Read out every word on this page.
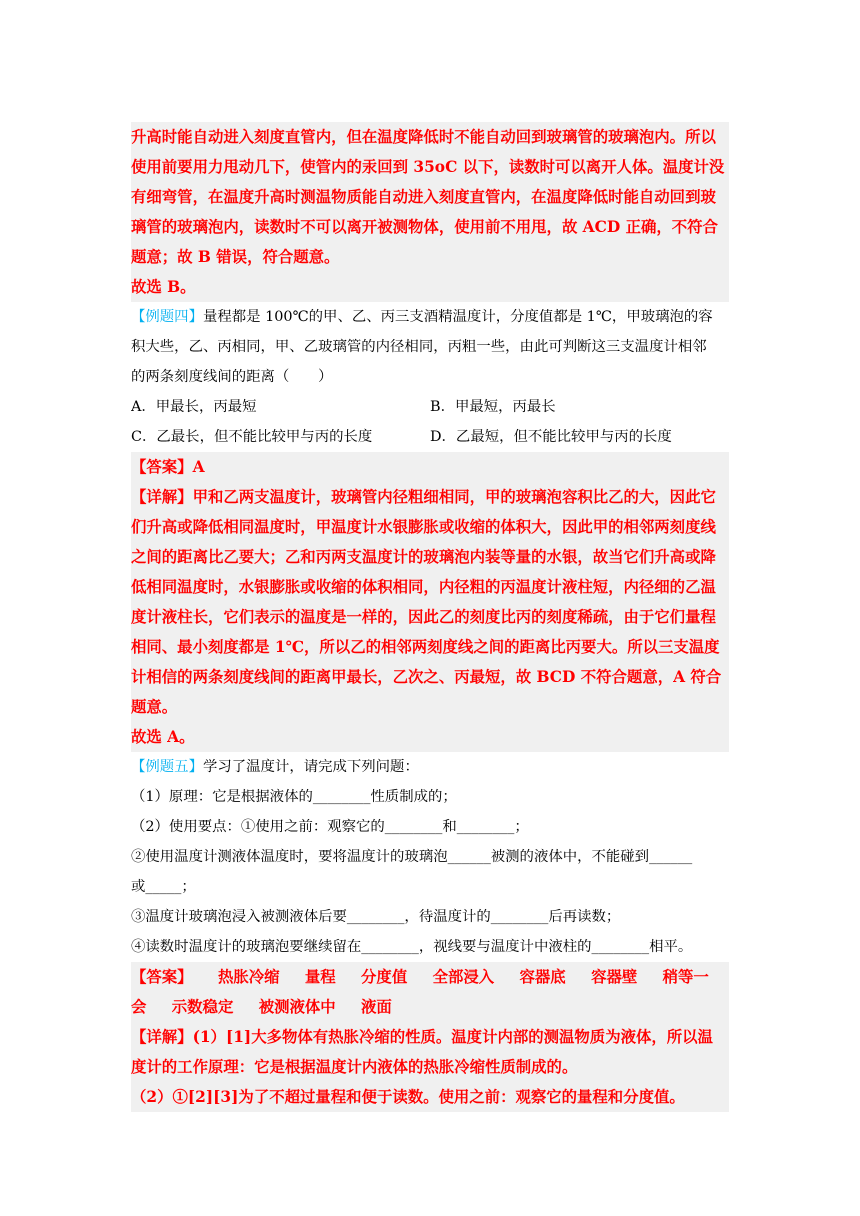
升高时能自动进入刻度直管内，但在温度降低时不能自动回到玻璃管的玻璃泡内。所以
使用前要用力甩动几下，使管内的汞回到 35oC 以下，读数时可以离开人体。温度计没
有细弯管，在温度升高时测温物质能自动进入刻度直管内，在温度降低时能自动回到玻
璃管的玻璃泡内，读数时不可以离开被测物体，使用前不用甩，故 ACD 正确，不符合
题意；故 B 错误，符合题意。
故选 B。
【例题四】量程都是 100℃的甲、乙、丙三支酒精温度计，分度值都是 1℃，甲玻璃泡的容
积大些，乙、丙相同，甲、乙玻璃管的内径相同，丙粗一些，由此可判断这三支温度计相邻
的两条刻度线间的距离（　　）
A．甲最长，丙最短	B．甲最短，丙最长
C．乙最长，但不能比较甲与丙的长度	D．乙最短，但不能比较甲与丙的长度
【答案】A
【详解】甲和乙两支温度计，玻璃管内径粗细相同，甲的玻璃泡容积比乙的大，因此它
们升高或降低相同温度时，甲温度计水银膨胀或收缩的体积大，因此甲的相邻两刻度线
之间的距离比乙要大；乙和丙两支温度计的玻璃泡内装等量的水银，故当它们升高或降
低相同温度时，水银膨胀或收缩的体积相同，内径粗的丙温度计液柱短，内径细的乙温
度计液柱长，它们表示的温度是一样的，因此乙的刻度比丙的刻度稀疏，由于它们量程
相同、最小刻度都是 1℃，所以乙的相邻两刻度线之间的距离比丙要大。所以三支温度
计相信的两条刻度线间的距离甲最长，乙次之、丙最短，故 BCD 不符合题意，A 符合
题意。
故选 A。
【例题五】学习了温度计，请完成下列问题：
（1）原理：它是根据液体的________性质制成的；
（2）使用要点：①使用之前：观察它的________和________；
②使用温度计测液体温度时，要将温度计的玻璃泡______被测的液体中，不能碰到______
或_____；
③温度计玻璃泡浸入被测液体后要________，待温度计的________后再读数；
④读数时温度计的玻璃泡要继续留在________，视线要与温度计中液柱的________相平。
【答案】 热胀冷缩 量程 分度值 全部浸入 容器底 容器壁 稍等一
会 示数稳定 被测液体中 液面
【详解】(1）[1]大多物体有热胀冷缩的性质。温度计内部的测温物质为液体，所以温
度计的工作原理：它是根据温度计内液体的热胀冷缩性质制成的。
（2）①[2][3]为了不超过量程和便于读数。使用之前：观察它的量程和分度值。
